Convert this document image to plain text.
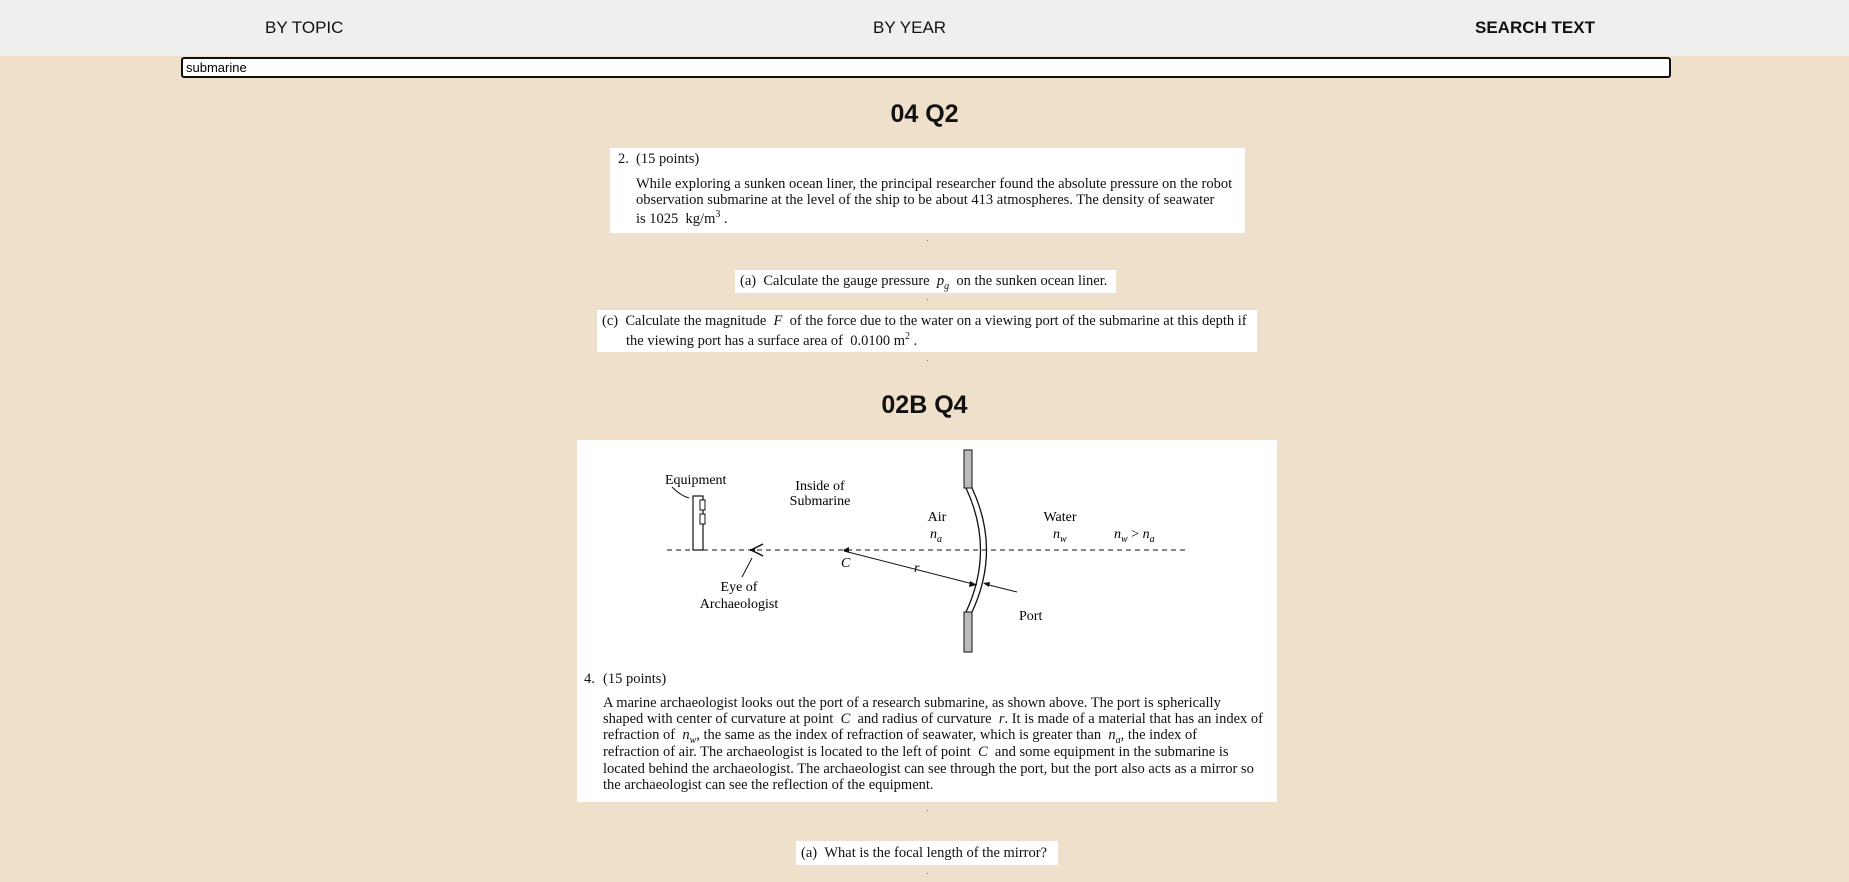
BY TOPIC	BY YEAR	SEARCH TEXT
submarine
04 Q2
2. (15 points)
While exploring a sunken ocean liner, the principal researcher found the absolute pressure on the robot
observation submarine at the level of the ship to be about 413 atmospheres. The density of seawater
is 1025 $kg/m^3$ .
(a) Calculate the gauge pressure $p_g$ on the sunken ocean liner.
(c) Calculate the magnitude F of the force due to the water on a viewing port of the submarine at this depth if
the viewing port has a surface area of 0.0100 $m^2$ .
02B Q4
Equipment	Inside of
Submarine
Air	Water
$n_a$	$n_w$	$n_w > n_a$
C	r
Eye of
Archaeologist
Port
4. (15 points)
A marine archaeologist looks out the port of a research submarine, as shown above. The port is spherically
shaped with center of curvature at point C and radius of curvature r. It is made of a material that has an index of
refraction of $n_w$, the same as the index of refraction of seawater, which is greater than $n_a$, the index of
refraction of air. The archaeologist is located to the left of point C and some equipment in the submarine is
located behind the archaeologist. The archaeologist can see through the port, but the port also acts as a mirror so
the archaeologist can see the reflection of the equipment.
(a) What is the focal length of the mirror?
